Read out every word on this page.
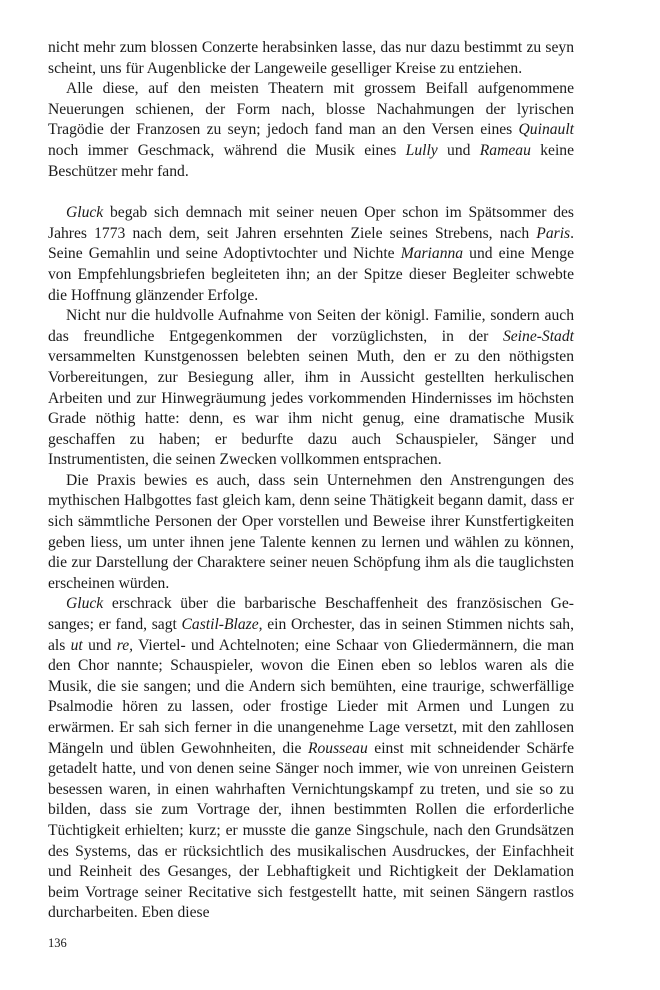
nicht mehr zum blossen Conzerte herabsinken lasse, das nur dazu bestimmt zu seyn scheint, uns für Augenblicke der Langeweile geselliger Kreise zu entziehen.

Alle diese, auf den meisten Theatern mit grossem Beifall aufgenommene Neuerungen schienen, der Form nach, blosse Nachahmungen der lyrischen Tragödie der Franzosen zu seyn; jedoch fand man an den Versen eines Quinault noch immer Geschmack, während die Musik eines Lully und Rameau keine Beschützer mehr fand.

Gluck begab sich demnach mit seiner neuen Oper schon im Spätsommer des Jahres 1773 nach dem, seit Jahren ersehnten Ziele seines Strebens, nach Paris. Seine Gemahlin und seine Adoptivtochter und Nichte Marianna und eine Menge von Empfehlungsbriefen begleiteten ihn; an der Spitze dieser Begleiter schwebte die Hoffnung glänzender Erfolge.

Nicht nur die huldvolle Aufnahme von Seiten der königl. Familie, sondern auch das freundliche Entgegenkommen der vorzüglichsten, in der Seine-Stadt versammelten Kunstgenossen belebten seinen Muth, den er zu den nöthigsten Vorbereitungen, zur Besiegung aller, ihm in Aussicht gestellten herkulischen Arbeiten und zur Hinwegräumung jedes vorkommenden Hindernisses im höchsten Grade nöthig hatte: denn, es war ihm nicht genug, eine dramatische Musik geschaffen zu haben; er bedurfte dazu auch Schauspieler, Sänger und Instrumentisten, die seinen Zwecken vollkommen entsprachen.

Die Praxis bewies es auch, dass sein Unternehmen den Anstrengungen des mythischen Halbgottes fast gleich kam, denn seine Thätigkeit begann damit, dass er sich sämmtliche Personen der Oper vorstellen und Beweise ihrer Kunstfertigkeiten geben liess, um unter ihnen jene Talente kennen zu lernen und wählen zu können, die zur Darstellung der Charaktere seiner neuen Schöpfung ihm als die tauglichsten erscheinen würden.

Gluck erschrack über die barbarische Beschaffenheit des französischen Gesanges; er fand, sagt Castil-Blaze, ein Orchester, das in seinen Stimmen nichts sah, als ut und re, Viertel- und Achtelnoten; eine Schaar von Gliedermännern, die man den Chor nannte; Schauspieler, wovon die Einen eben so leblos waren als die Musik, die sie sangen; und die Andern sich bemühten, eine traurige, schwerfällige Psalmodie hören zu lassen, oder frostige Lieder mit Armen und Lungen zu erwärmen. Er sah sich ferner in die unangenehme Lage versetzt, mit den zahllosen Mängeln und üblen Gewohnheiten, die Rousseau einst mit schneidender Schärfe getadelt hatte, und von denen seine Sänger noch immer, wie von unreinen Geistern besessen waren, in einen wahrhaften Vernichtungskampf zu treten, und sie so zu bilden, dass sie zum Vortrage der, ihnen bestimmten Rollen die erforderliche Tüchtigkeit erhielten; kurz; er musste die ganze Singschule, nach den Grundsätzen des Systems, das er rücksichtlich des musikalischen Ausdruckes, der Einfachheit und Reinheit des Gesanges, der Lebhaftigkeit und Richtigkeit der Deklamation beim Vortrage seiner Recitative sich festgestellt hatte, mit seinen Sängern rastlos durcharbeiten. Eben diese

136
